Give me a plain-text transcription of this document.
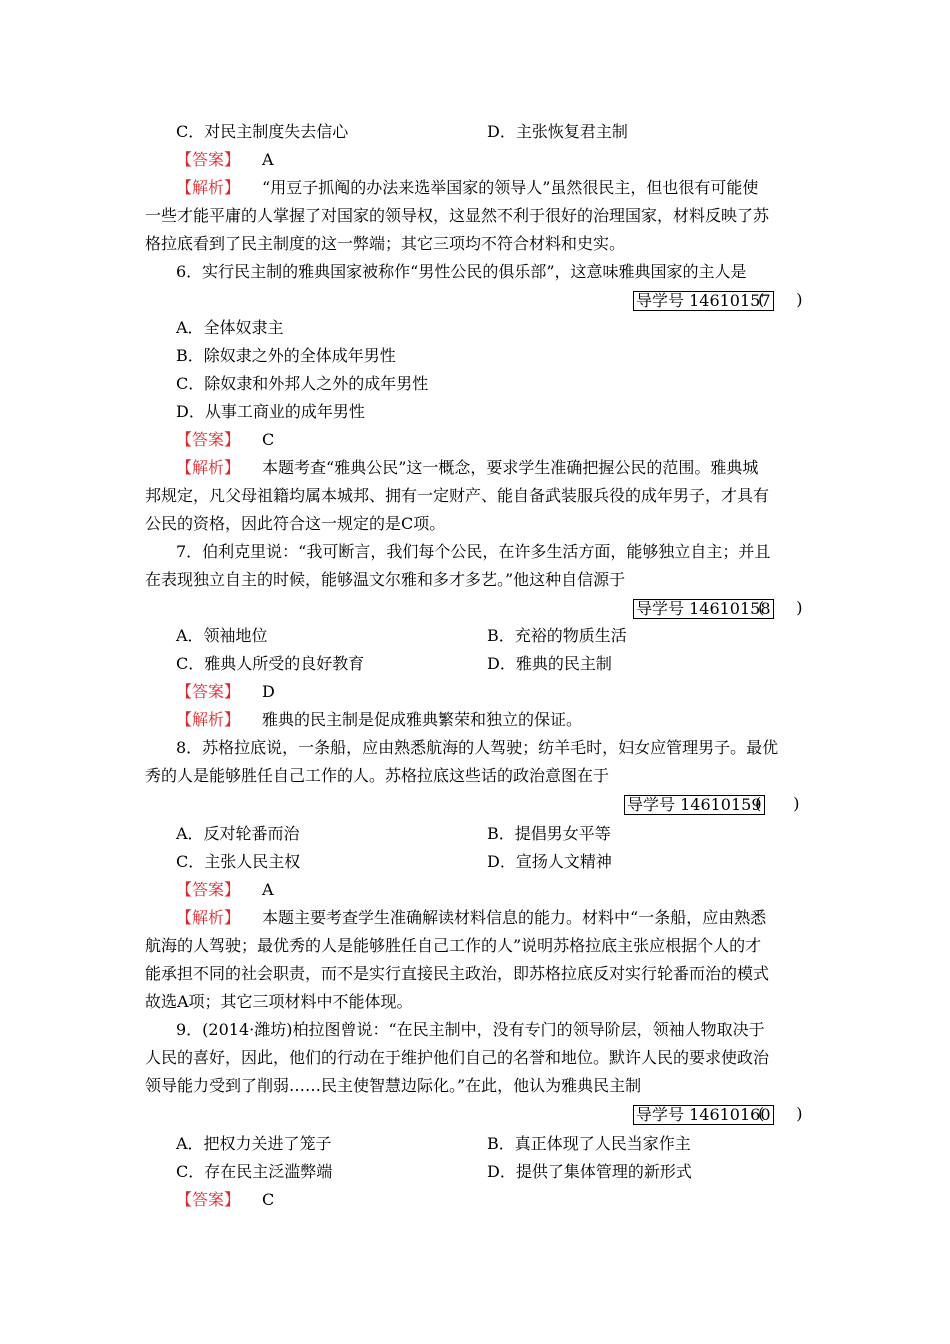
C．对民主制度失去信心	D．主张恢复君主制
【答案】 A
【解析】 “用豆子抓阄的办法来选举国家的领导人”虽然很民主，但也很有可能使
一些才能平庸的人掌握了对国家的领导权，这显然不利于很好的治理国家，材料反映了苏
格拉底看到了民主制度的这一弊端；其它三项均不符合材料和史实。
6．实行民主制的雅典国家被称作“男性公民的俱乐部”，这意味雅典国家的主人是
导学号 14610157
(　　)
A．全体奴隶主
B．除奴隶之外的全体成年男性
C．除奴隶和外邦人之外的成年男性
D．从事工商业的成年男性
【答案】 C
【解析】 本题考查“雅典公民”这一概念，要求学生准确把握公民的范围。雅典城
邦规定，凡父母祖籍均属本城邦、拥有一定财产、能自备武装服兵役的成年男子，才具有
公民的资格，因此符合这一规定的是C项。
7．伯利克里说：“我可断言，我们每个公民，在许多生活方面，能够独立自主；并且
在表现独立自主的时候，能够温文尔雅和多才多艺。”他这种自信源于
导学号 14610158
(　　)
A．领袖地位	B．充裕的物质生活
C．雅典人所受的良好教育	D．雅典的民主制
【答案】 D
【解析】 雅典的民主制是促成雅典繁荣和独立的保证。
8．苏格拉底说，一条船，应由熟悉航海的人驾驶；纺羊毛时，妇女应管理男子。最优
秀的人是能够胜任自己工作的人。苏格拉底这些话的政治意图在于
导学号 14610159
(　　)
A．反对轮番而治	B．提倡男女平等
C．主张人民主权	D．宣扬人文精神
【答案】 A
【解析】 本题主要考查学生准确解读材料信息的能力。材料中“一条船，应由熟悉
航海的人驾驶；最优秀的人是能够胜任自己工作的人”说明苏格拉底主张应根据个人的才
能承担不同的社会职责，而不是实行直接民主政治，即苏格拉底反对实行轮番而治的模式
故选A项；其它三项材料中不能体现。
9．(2014·潍坊)柏拉图曾说：“在民主制中，没有专门的领导阶层，领袖人物取决于
人民的喜好，因此，他们的行动在于维护他们自己的名誉和地位。默许人民的要求使政治
领导能力受到了削弱……民主使智慧边际化。”在此，他认为雅典民主制
导学号 14610160
(　　)
A．把权力关进了笼子	B．真正体现了人民当家作主
C．存在民主泛滥弊端	D．提供了集体管理的新形式
【答案】 C
